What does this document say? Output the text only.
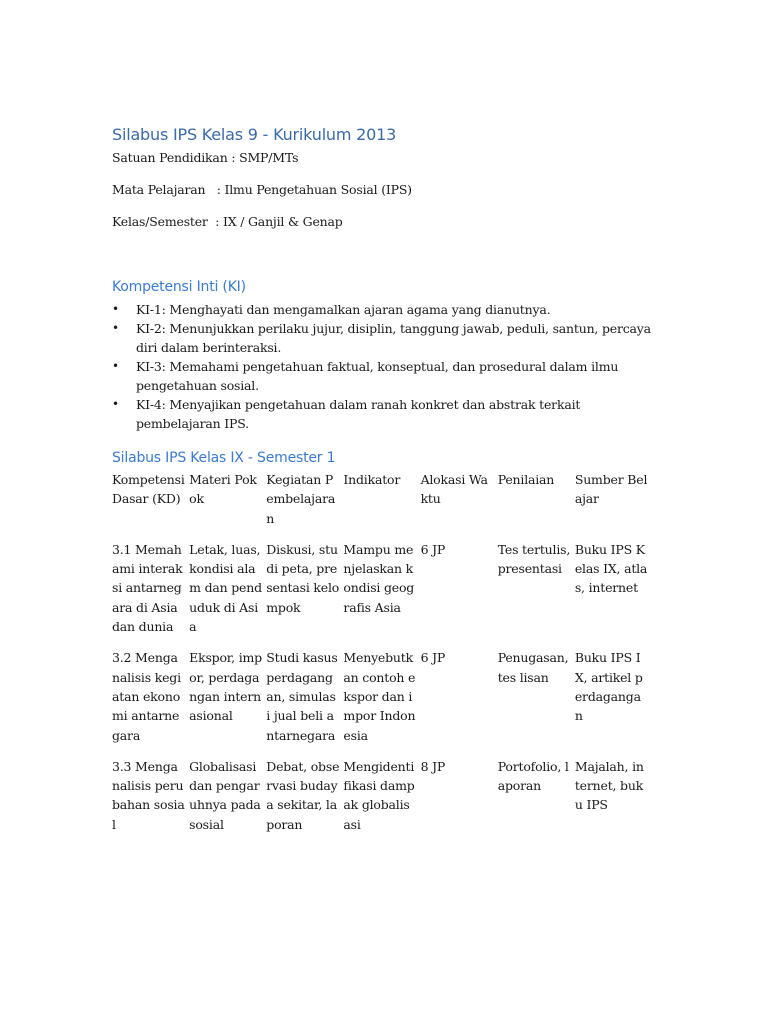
Silabus IPS Kelas 9 - Kurikulum 2013
Satuan Pendidikan : SMP/MTs
Mata Pelajaran   : Ilmu Pengetahuan Sosial (IPS)
Kelas/Semester  : IX / Ganjil & Genap
Kompetensi Inti (KI)
• KI-1: Menghayati dan mengamalkan ajaran agama yang dianutnya.
• KI-2: Menunjukkan perilaku jujur, disiplin, tanggung jawab, peduli, santun, percaya diri dalam berinteraksi.
• KI-3: Memahami pengetahuan faktual, konseptual, dan prosedural dalam ilmu pengetahuan sosial.
• KI-4: Menyajikan pengetahuan dalam ranah konkret dan abstrak terkait pembelajaran IPS.
Silabus IPS Kelas IX - Semester 1
Kompetensi Dasar (KD)	Materi Pokok	Kegiatan Pembelajaran	Indikator	Alokasi Waktu	Penilaian	Sumber Belajar
3.1 Memahami interaksi antarnegara di Asia dan dunia	Letak, luas, kondisi alam dan penduduk di Asia	Diskusi, studi peta, presentasi kelompok	Mampu menjelaskan kondisi geografis Asia	6 JP	Tes tertulis, presentasi	Buku IPS Kelas IX, atlas, internet
3.2 Menganalisis kegiatan ekonomi antarnegara	Ekspor, impor, perdagangan internasional	Studi kasus perdagangan, simulasi jual beli antarnegara	Menyebutkan contoh ekspor dan impor Indonesia	6 JP	Penugasan, tes lisan	Buku IPS IX, artikel perdagangan
3.3 Menganalisis perubahan sosial	Globalisasi dan pengaruhnya pada sosial	Debat, observasi budaya sekitar, laporan	Mengidentifikasi dampak globalisasi	8 JP	Portofolio, laporan	Majalah, internet, buku IPS
